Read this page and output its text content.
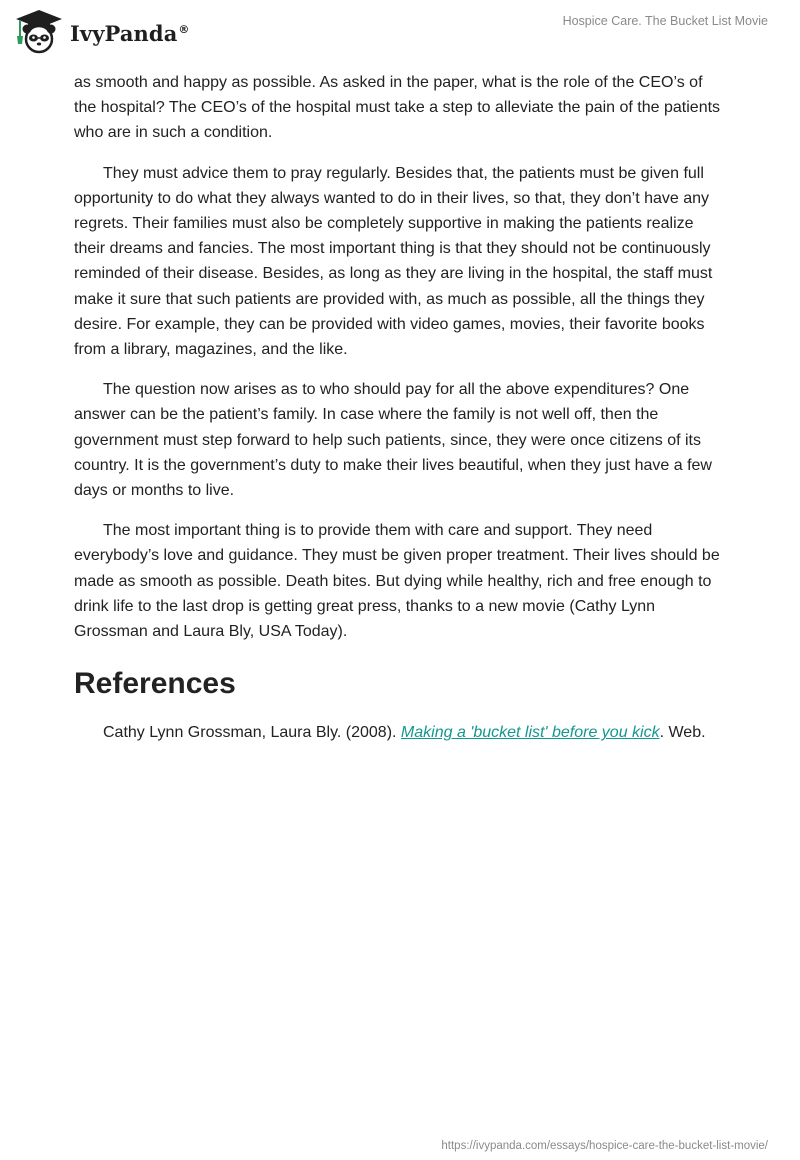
IvyPanda®
Hospice Care. The Bucket List Movie

as smooth and happy as possible. As asked in the paper, what is the role of the CEO’s of the hospital? The CEO’s of the hospital must take a step to alleviate the pain of the patients who are in such a condition.

They must advice them to pray regularly. Besides that, the patients must be given full opportunity to do what they always wanted to do in their lives, so that, they don’t have any regrets. Their families must also be completely supportive in making the patients realize their dreams and fancies. The most important thing is that they should not be continuously reminded of their disease. Besides, as long as they are living in the hospital, the staff must make it sure that such patients are provided with, as much as possible, all the things they desire. For example, they can be provided with video games, movies, their favorite books from a library, magazines, and the like.

The question now arises as to who should pay for all the above expenditures? One answer can be the patient’s family. In case where the family is not well off, then the government must step forward to help such patients, since, they were once citizens of its country. It is the government’s duty to make their lives beautiful, when they just have a few days or months to live.

The most important thing is to provide them with care and support. They need everybody’s love and guidance. They must be given proper treatment. Their lives should be made as smooth as possible. Death bites. But dying while healthy, rich and free enough to drink life to the last drop is getting great press, thanks to a new movie (Cathy Lynn Grossman and Laura Bly, USA Today).

References

Cathy Lynn Grossman, Laura Bly. (2008). Making a 'bucket list' before you kick. Web.

https://ivypanda.com/essays/hospice-care-the-bucket-list-movie/
